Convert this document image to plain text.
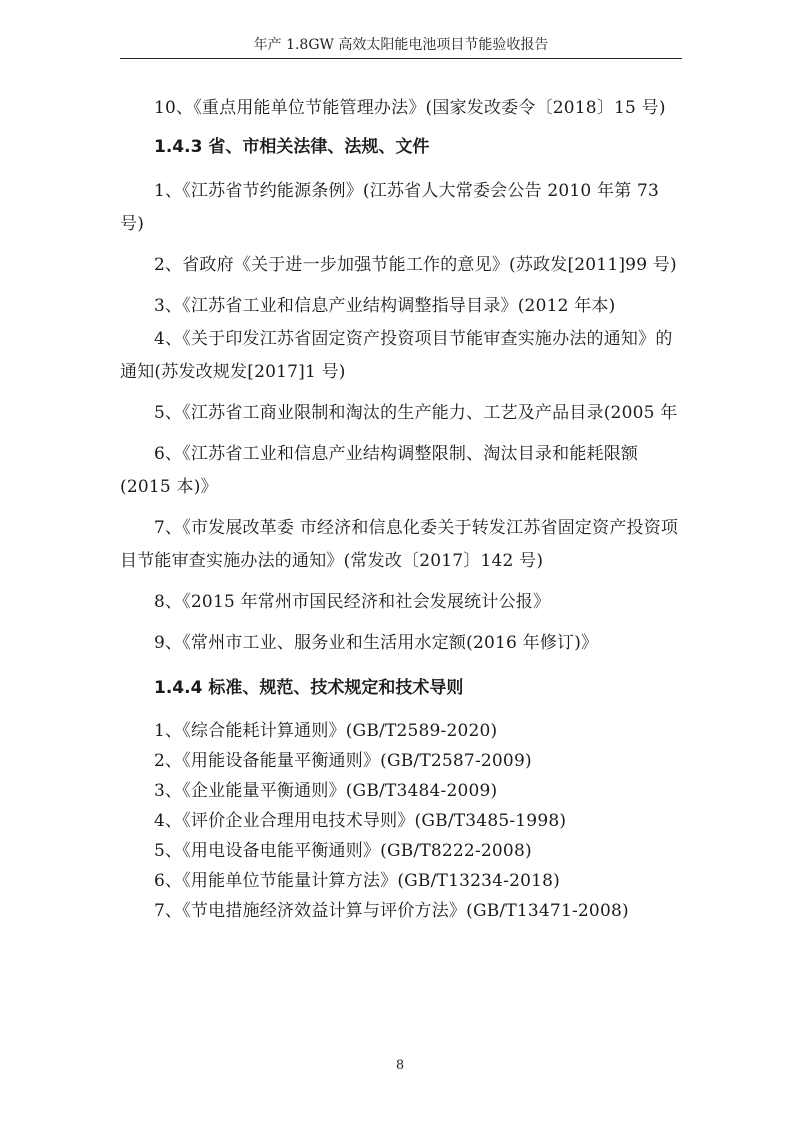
年产 1.8GW 高效太阳能电池项目节能验收报告

10、《重点用能单位节能管理办法》(国家发改委令〔2018〕15 号)

1.4.3 省、市相关法律、法规、文件

1、《江苏省节约能源条例》(江苏省人大常委会公告 2010 年第 73 号)

2、省政府《关于进一步加强节能工作的意见》(苏政发[2011]99 号)

3、《江苏省工业和信息产业结构调整指导目录》(2012 年本)

4、《关于印发江苏省固定资产投资项目节能审查实施办法的通知》的通知(苏发改规发[2017]1 号)

5、《江苏省工商业限制和淘汰的生产能力、工艺及产品目录(2005 年

6、《江苏省工业和信息产业结构调整限制、淘汰目录和能耗限额(2015 本)》

7、《市发展改革委 市经济和信息化委关于转发江苏省固定资产投资项目节能审查实施办法的通知》(常发改〔2017〕142 号)

8、《2015 年常州市国民经济和社会发展统计公报》

9、《常州市工业、服务业和生活用水定额(2016 年修订)》

1.4.4 标准、规范、技术规定和技术导则

1、《综合能耗计算通则》(GB/T2589-2020)

2、《用能设备能量平衡通则》(GB/T2587-2009)

3、《企业能量平衡通则》(GB/T3484-2009)

4、《评价企业合理用电技术导则》(GB/T3485-1998)

5、《用电设备电能平衡通则》(GB/T8222-2008)

6、《用能单位节能量计算方法》(GB/T13234-2018)

7、《节电措施经济效益计算与评价方法》(GB/T13471-2008)

8
